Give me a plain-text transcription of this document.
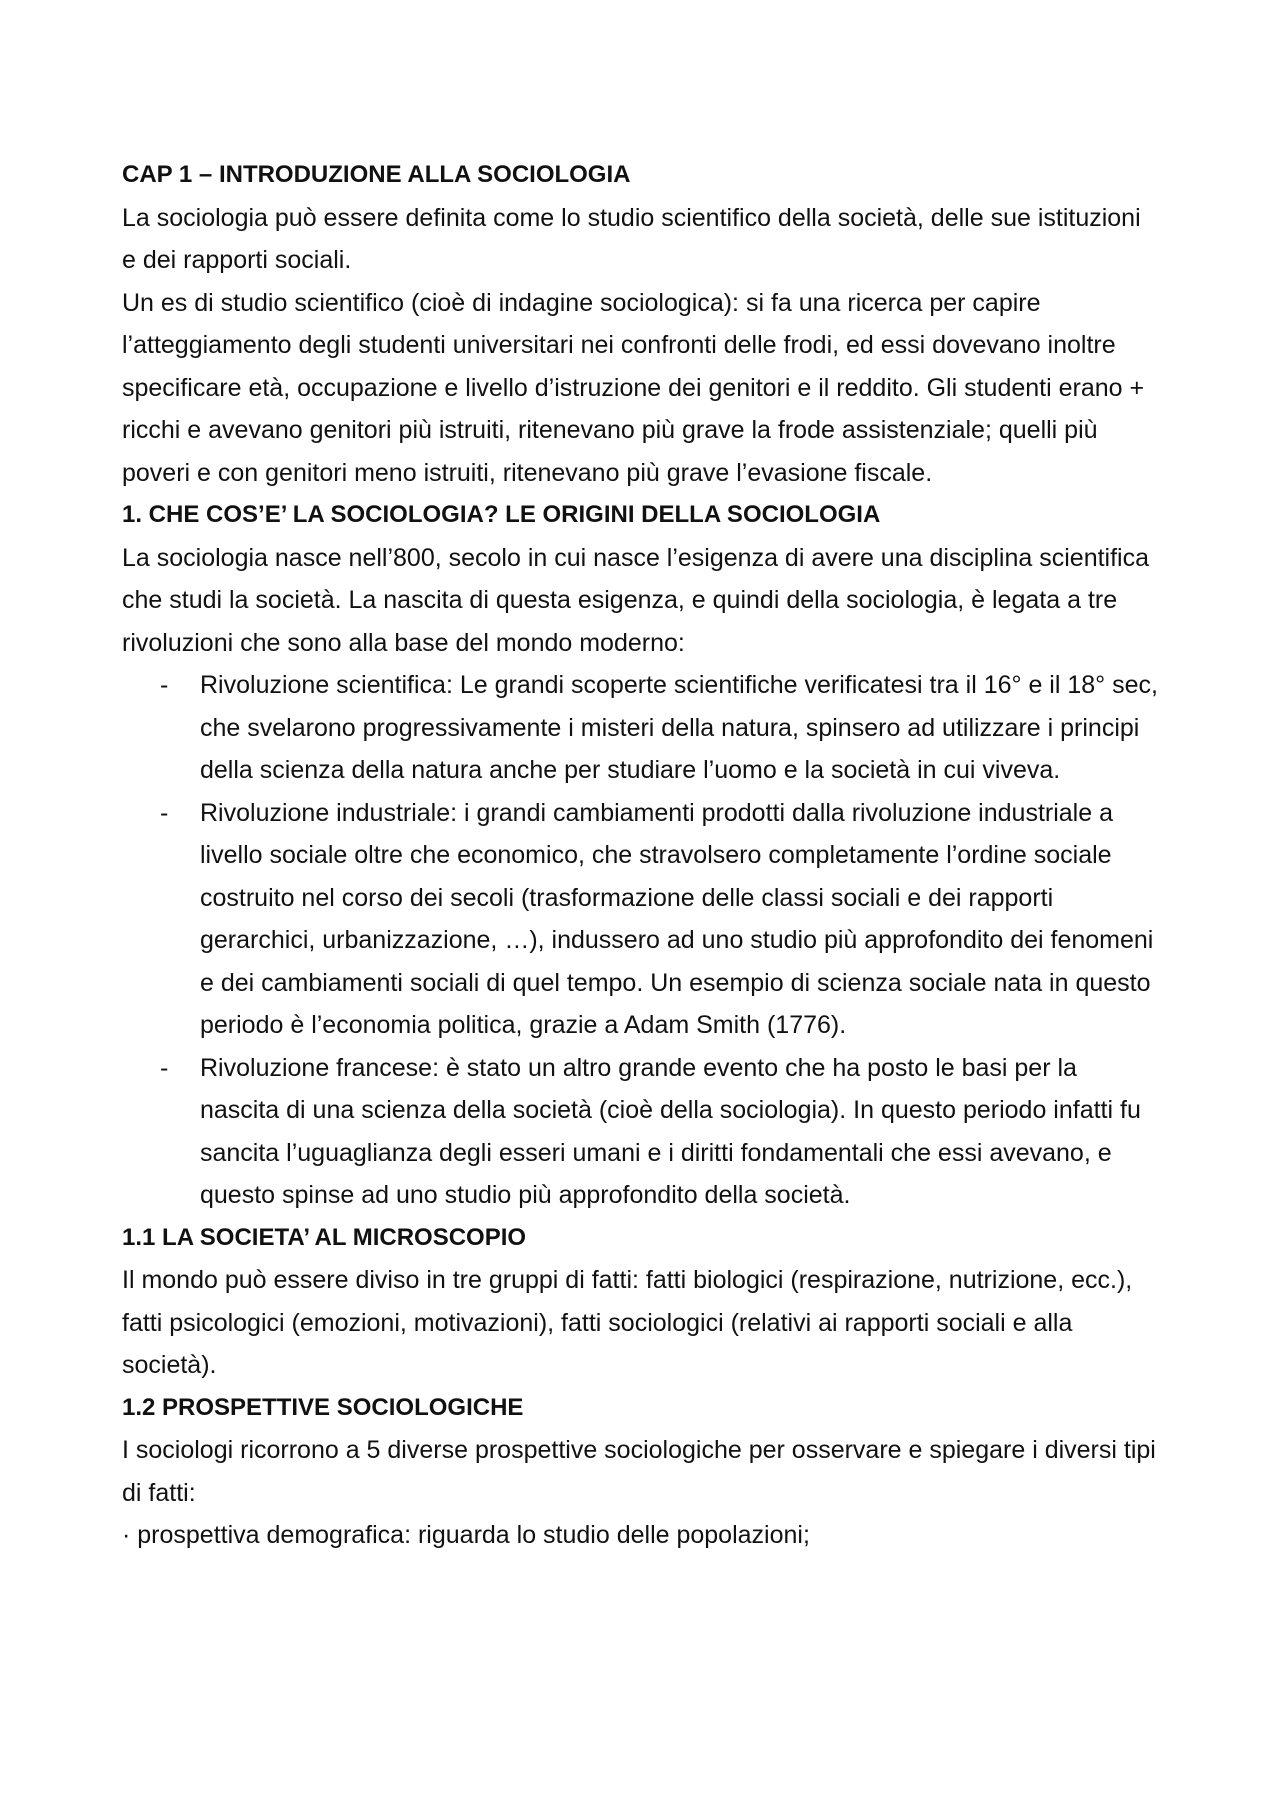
CAP 1 – INTRODUZIONE ALLA SOCIOLOGIA

La sociologia può essere definita come lo studio scientifico della società, delle sue istituzioni e dei rapporti sociali.

Un es di studio scientifico (cioè di indagine sociologica): si fa una ricerca per capire l’atteggiamento degli studenti universitari nei confronti delle frodi, ed essi dovevano inoltre specificare età, occupazione e livello d’istruzione dei genitori e il reddito. Gli studenti erano + ricchi e avevano genitori più istruiti, ritenevano più grave la frode assistenziale; quelli più poveri e con genitori meno istruiti, ritenevano più grave l’evasione fiscale.

1. CHE COS’E’ LA SOCIOLOGIA? LE ORIGINI DELLA SOCIOLOGIA

La sociologia nasce nell’800, secolo in cui nasce l’esigenza di avere una disciplina scientifica che studi la società. La nascita di questa esigenza, e quindi della sociologia, è legata a tre rivoluzioni che sono alla base del mondo moderno:

- Rivoluzione scientifica: Le grandi scoperte scientifiche verificatesi tra il 16° e il 18° sec, che svelarono progressivamente i misteri della natura, spinsero ad utilizzare i principi della scienza della natura anche per studiare l’uomo e la società in cui viveva.
- Rivoluzione industriale: i grandi cambiamenti prodotti dalla rivoluzione industriale a livello sociale oltre che economico, che stravolsero completamente l’ordine sociale costruito nel corso dei secoli (trasformazione delle classi sociali e dei rapporti gerarchici, urbanizzazione, …), indussero ad uno studio più approfondito dei fenomeni e dei cambiamenti sociali di quel tempo. Un esempio di scienza sociale nata in questo periodo è l’economia politica, grazie a Adam Smith (1776).
- Rivoluzione francese: è stato un altro grande evento che ha posto le basi per la nascita di una scienza della società (cioè della sociologia). In questo periodo infatti fu sancita l’uguaglianza degli esseri umani e i diritti fondamentali che essi avevano, e questo spinse ad uno studio più approfondito della società.

1.1 LA SOCIETA’ AL MICROSCOPIO

Il mondo può essere diviso in tre gruppi di fatti: fatti biologici (respirazione, nutrizione, ecc.), fatti psicologici (emozioni, motivazioni), fatti sociologici (relativi ai rapporti sociali e alla società).

1.2 PROSPETTIVE SOCIOLOGICHE

I sociologi ricorrono a 5 diverse prospettive sociologiche per osservare e spiegare i diversi tipi di fatti:

· prospettiva demografica: riguarda lo studio delle popolazioni;
